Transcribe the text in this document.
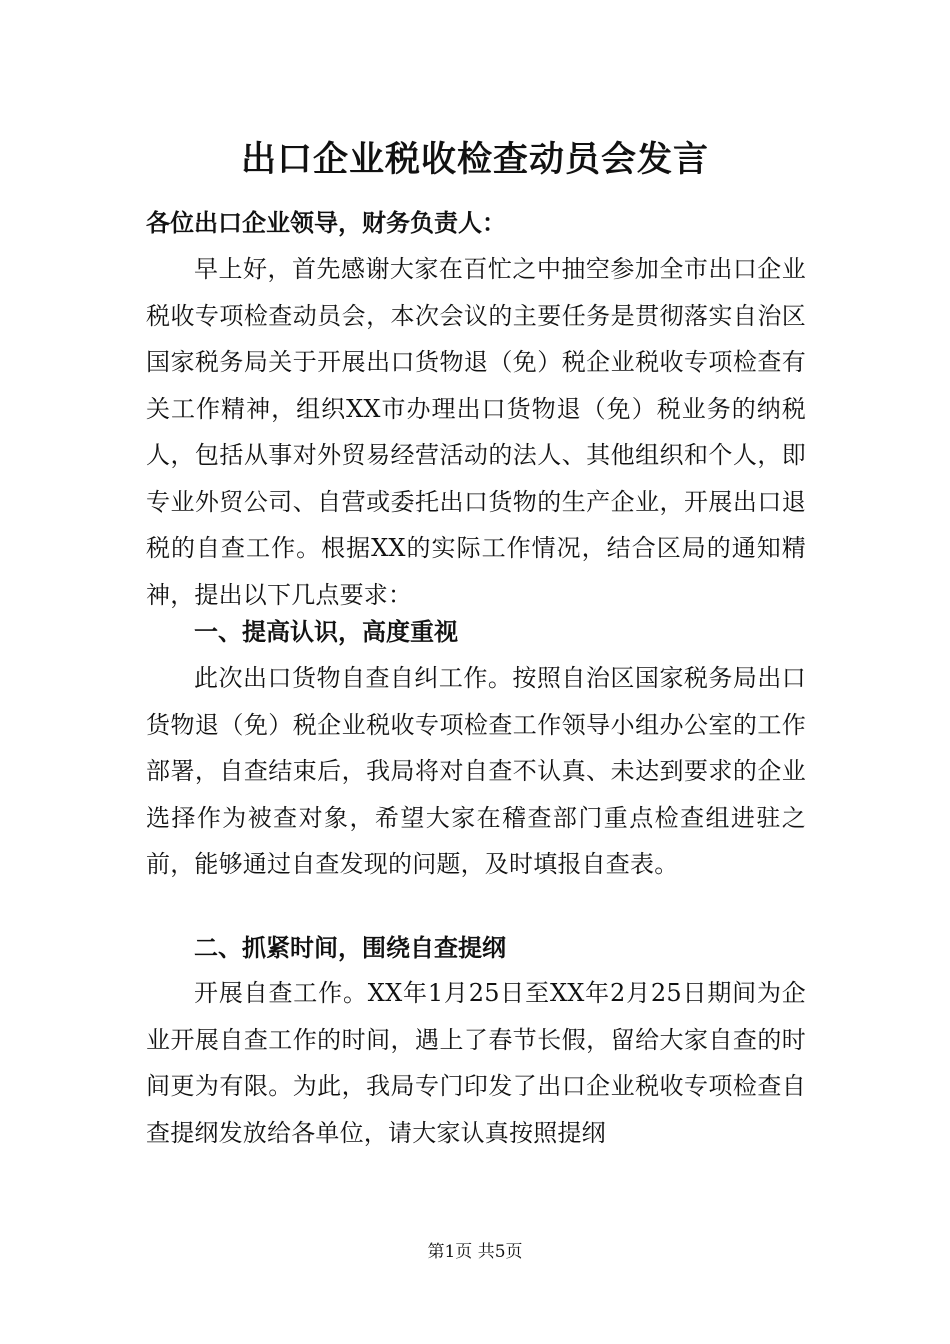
出口企业税收检查动员会发言

各位出口企业领导，财务负责人：

早上好，首先感谢大家在百忙之中抽空参加全市出口企业税收专项检查动员会，本次会议的主要任务是贯彻落实自治区国家税务局关于开展出口货物退（免）税企业税收专项检查有关工作精神，组织XX市办理出口货物退（免）税业务的纳税人，包括从事对外贸易经营活动的法人、其他组织和个人，即专业外贸公司、自营或委托出口货物的生产企业，开展出口退税的自查工作。根据XX的实际工作情况，结合区局的通知精神，提出以下几点要求：

一、提高认识，高度重视

此次出口货物自查自纠工作。按照自治区国家税务局出口货物退（免）税企业税收专项检查工作领导小组办公室的工作部署，自查结束后，我局将对自查不认真、未达到要求的企业选择作为被查对象，希望大家在稽查部门重点检查组进驻之前，能够通过自查发现的问题，及时填报自查表。

二、抓紧时间，围绕自查提纲

开展自查工作。XX年1月25日至XX年2月25日期间为企业开展自查工作的时间，遇上了春节长假，留给大家自查的时间更为有限。为此，我局专门印发了出口企业税收专项检查自查提纲发放给各单位，请大家认真按照提纲

第1页 共5页
